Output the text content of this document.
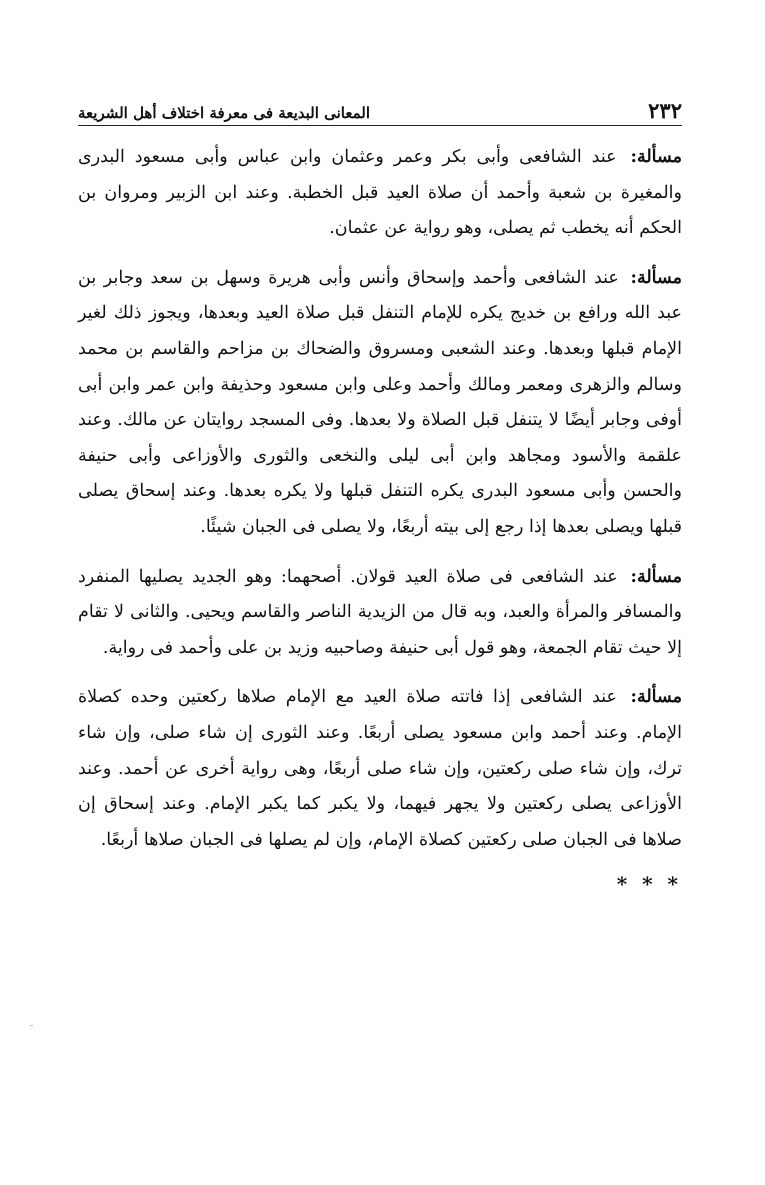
٢٣٢
المعانى البديعة فى معرفة اختلاف أهل الشريعة

مسألة: عند الشافعى وأبى بكر وعمر وعثمان وابن عباس وأبى مسعود البدرى والمغيرة بن شعبة وأحمد أن صلاة العيد قبل الخطبة. وعند ابن الزبير ومروان بن الحكم أنه يخطب ثم يصلى، وهو رواية عن عثمان.

مسألة: عند الشافعى وأحمد وإسحاق وأنس وأبى هريرة وسهل بن سعد وجابر بن عبد الله ورافع بن خديج يكره للإمام التنفل قبل صلاة العيد وبعدها، ويجوز ذلك لغير الإمام قبلها وبعدها. وعند الشعبى ومسروق والضحاك بن مزاحم والقاسم بن محمد وسالم والزهرى ومعمر ومالك وأحمد وعلى وابن مسعود وحذيفة وابن عمر وابن أبى أوفى وجابر أيضًا لا يتنفل قبل الصلاة ولا بعدها. وفى المسجد روايتان عن مالك. وعند علقمة والأسود ومجاهد وابن أبى ليلى والنخعى والثورى والأوزاعى وأبى حنيفة والحسن وأبى مسعود البدرى يكره التنفل قبلها ولا يكره بعدها. وعند إسحاق يصلى قبلها ويصلى بعدها إذا رجع إلى بيته أربعًا، ولا يصلى فى الجبان شيئًا.

مسألة: عند الشافعى فى صلاة العيد قولان. أصحهما: وهو الجديد يصليها المنفرد والمسافر والمرأة والعبد، وبه قال من الزيدية الناصر والقاسم ويحيى. والثانى لا تقام إلا حيث تقام الجمعة، وهو قول أبى حنيفة وصاحبيه وزيد بن على وأحمد فى رواية.

مسألة: عند الشافعى إذا فاتته صلاة العيد مع الإمام صلاها ركعتين وحده كصلاة الإمام. وعند أحمد وابن مسعود يصلى أربعًا. وعند الثورى إن شاء صلى، وإن شاء ترك، وإن شاء صلى ركعتين، وإن شاء صلى أربعًا، وهى رواية أخرى عن أحمد. وعند الأوزاعى يصلى ركعتين ولا يجهر فيهما، ولا يكبر كما يكبر الإمام. وعند إسحاق إن صلاها فى الجبان صلى ركعتين كصلاة الإمام، وإن لم يصلها فى الجبان صلاها أربعًا.

* * *
